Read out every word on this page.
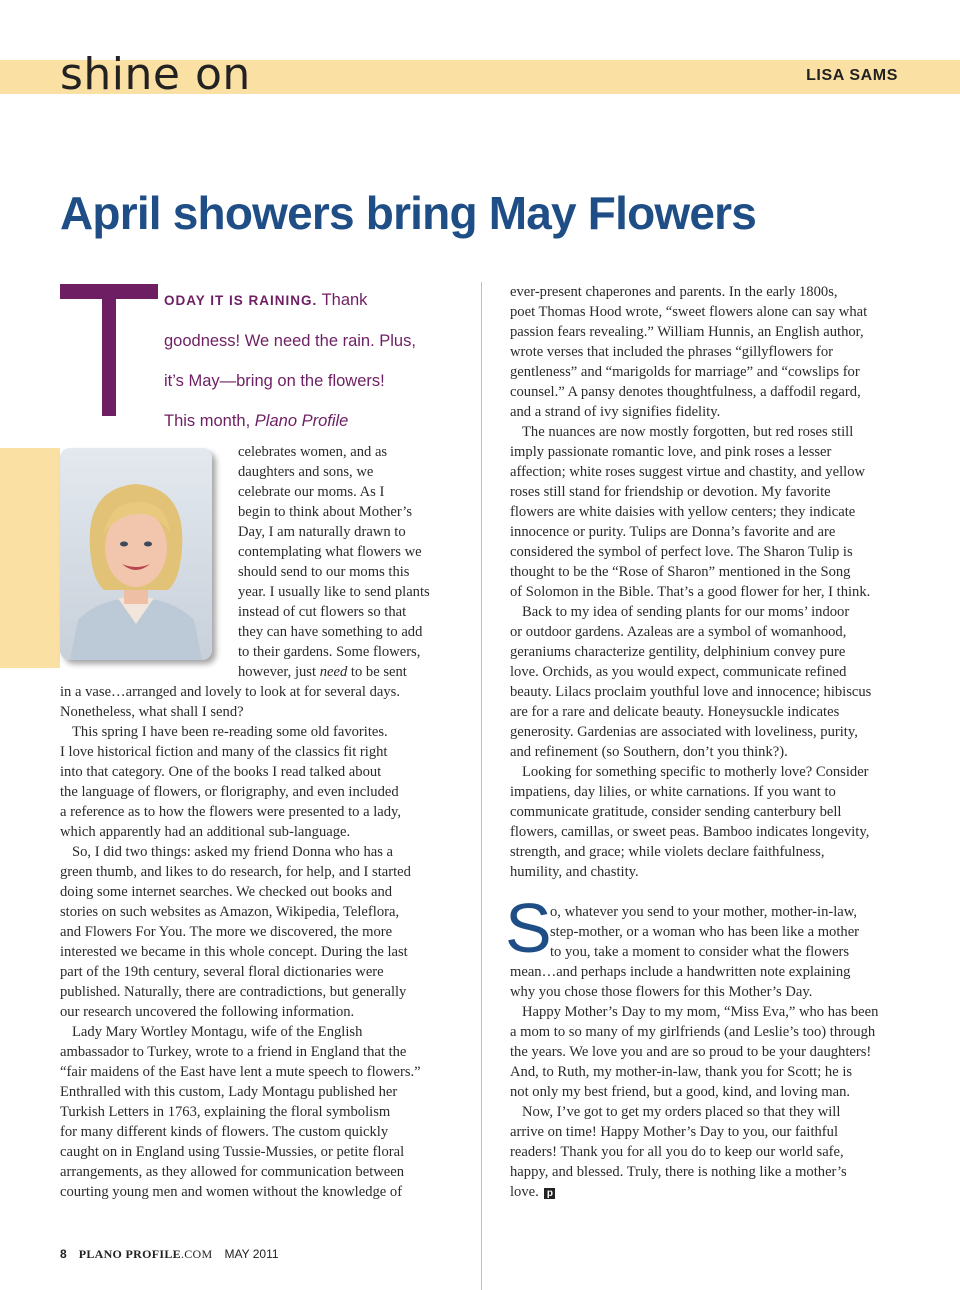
shine on	LISA SAMS
April showers bring May Flowers

ODAY IT IS RAINING. Thank

goodness! We need the rain. Plus,

it’s May—bring on the flowers!

This month, Plano Profile

celebrates women, and as

daughters and sons, we

celebrate our moms. As I

begin to think about Mother’s

Day, I am naturally drawn to

contemplating what flowers we

should send to our moms this

year. I usually like to send plants

instead of cut flowers so that

they can have something to add

to their gardens. Some flowers,

however, just need to be sent

in a vase…arranged and lovely to look at for several days.

Nonetheless, what shall I send?

This spring I have been re-reading some old favorites.

I love historical fiction and many of the classics fit right

into that category. One of the books I read talked about

the language of flowers, or florigraphy, and even included

a reference as to how the flowers were presented to a lady,

which apparently had an additional sub-language.

So, I did two things: asked my friend Donna who has a

green thumb, and likes to do research, for help, and I started

doing some internet searches. We checked out books and

stories on such websites as Amazon, Wikipedia, Teleflora,

and Flowers For You. The more we discovered, the more

interested we became in this whole concept. During the last

part of the 19th century, several floral dictionaries were

published. Naturally, there are contradictions, but generally

our research uncovered the following information.

Lady Mary Wortley Montagu, wife of the English

ambassador to Turkey, wrote to a friend in England that the

“fair maidens of the East have lent a mute speech to flowers.”

Enthralled with this custom, Lady Montagu published her

Turkish Letters in 1763, explaining the floral symbolism

for many different kinds of flowers. The custom quickly

caught on in England using Tussie-Mussies, or petite floral

arrangements, as they allowed for communication between

courting young men and women without the knowledge of

ever-present chaperones and parents. In the early 1800s,

poet Thomas Hood wrote, “sweet flowers alone can say what

passion fears revealing.” William Hunnis, an English author,

wrote verses that included the phrases “gillyflowers for

gentleness” and “marigolds for marriage” and “cowslips for

counsel.” A pansy denotes thoughtfulness, a daffodil regard,

and a strand of ivy signifies fidelity.

The nuances are now mostly forgotten, but red roses still

imply passionate romantic love, and pink roses a lesser

affection; white roses suggest virtue and chastity, and yellow

roses still stand for friendship or devotion. My favorite

flowers are white daisies with yellow centers; they indicate

innocence or purity. Tulips are Donna’s favorite and are

considered the symbol of perfect love. The Sharon Tulip is

thought to be the “Rose of Sharon” mentioned in the Song

of Solomon in the Bible. That’s a good flower for her, I think.

Back to my idea of sending plants for our moms’ indoor

or outdoor gardens. Azaleas are a symbol of womanhood,

geraniums characterize gentility, delphinium convey pure

love. Orchids, as you would expect, communicate refined

beauty. Lilacs proclaim youthful love and innocence; hibiscus

are for a rare and delicate beauty. Honeysuckle indicates

generosity. Gardenias are associated with loveliness, purity,

and refinement (so Southern, don’t you think?).

Looking for something specific to motherly love? Consider

impatiens, day lilies, or white carnations. If you want to

communicate gratitude, consider sending canterbury bell

flowers, camillas, or sweet peas. Bamboo indicates longevity,

strength, and grace; while violets declare faithfulness,

humility, and chastity.

S

o, whatever you send to your mother, mother-in-law,

step-mother, or a woman who has been like a mother

to you, take a moment to consider what the flowers

mean…and perhaps include a handwritten note explaining

why you chose those flowers for this Mother’s Day.

Happy Mother’s Day to my mom, “Miss Eva,” who has been

a mom to so many of my girlfriends (and Leslie’s too) through

the years. We love you and are so proud to be your daughters!

And, to Ruth, my mother-in-law, thank you for Scott; he is

not only my best friend, but a good, kind, and loving man.

Now, I’ve got to get my orders placed so that they will

arrive on time! Happy Mother’s Day to you, our faithful

readers! Thank you for all you do to keep our world safe,

happy, and blessed. Truly, there is nothing like a mother’s

love. p

8 PLANO PROFILE.COM MAY 2011
